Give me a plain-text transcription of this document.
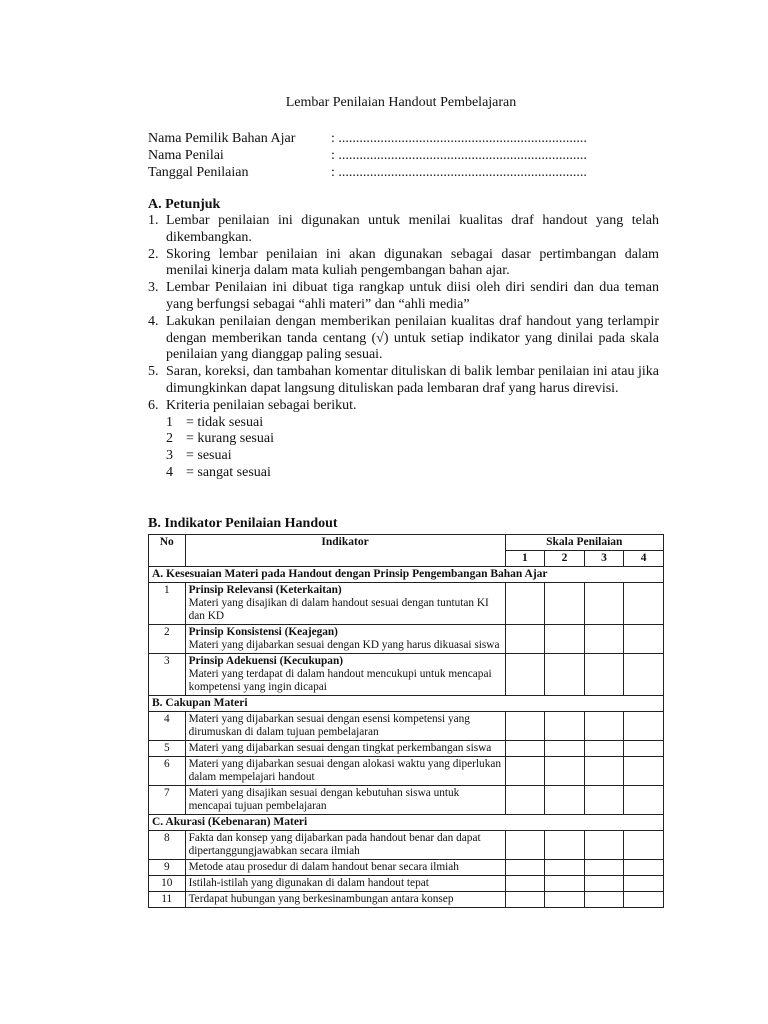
Lembar Penilaian Handout Pembelajaran
Nama Pemilik Bahan Ajar	: .......................................................................
Nama Penilai	: .......................................................................
Tanggal Penilaian	: .......................................................................
A. Petunjuk
1. Lembar penilaian ini digunakan untuk menilai kualitas draf handout yang telah dikembangkan.
2. Skoring lembar penilaian ini akan digunakan sebagai dasar pertimbangan dalam menilai kinerja dalam mata kuliah pengembangan bahan ajar.
3. Lembar Penilaian ini dibuat tiga rangkap untuk diisi oleh diri sendiri dan dua teman yang berfungsi sebagai “ahli materi” dan “ahli media”
4. Lakukan penilaian dengan memberikan penilaian kualitas draf handout yang terlampir dengan memberikan tanda centang (√) untuk setiap indikator yang dinilai pada skala penilaian yang dianggap paling sesuai.
5. Saran, koreksi, dan tambahan komentar dituliskan di balik lembar penilaian ini atau jika dimungkinkan dapat langsung dituliskan pada lembaran draf yang harus direvisi.
6. Kriteria penilaian sebagai berikut.
1 = tidak sesuai
2 = kurang sesuai
3 = sesuai
4 = sangat sesuai
B. Indikator Penilaian Handout
No	Indikator	Skala Penilaian			
		1	2	3	4
A. Kesesuaian Materi pada Handout dengan Prinsip Pengembangan Bahan Ajar					
1	Prinsip Relevansi (Keterkaitan)
Materi yang disajikan di dalam handout sesuai dengan tuntutan KI dan KD				
2	Prinsip Konsistensi (Keajegan)
Materi yang dijabarkan sesuai dengan KD yang harus dikuasai siswa				
3	Prinsip Adekuensi (Kecukupan)
Materi yang terdapat di dalam handout mencukupi untuk mencapai kompetensi yang ingin dicapai				
B. Cakupan Materi					
4	Materi yang dijabarkan sesuai dengan esensi kompetensi yang dirumuskan di dalam tujuan pembelajaran				
5	Materi yang dijabarkan sesuai dengan tingkat perkembangan siswa				
6	Materi yang dijabarkan sesuai dengan alokasi waktu yang diperlukan dalam mempelajari handout				
7	Materi yang disajikan sesuai dengan kebutuhan siswa untuk mencapai tujuan pembelajaran				
C. Akurasi (Kebenaran) Materi					
8	Fakta dan konsep yang dijabarkan pada handout benar dan dapat dipertanggungjawabkan secara ilmiah				
9	Metode atau prosedur di dalam handout benar secara ilmiah				
10	Istilah-istilah yang digunakan di dalam handout tepat				
11	Terdapat hubungan yang berkesinambungan antara konsep				
